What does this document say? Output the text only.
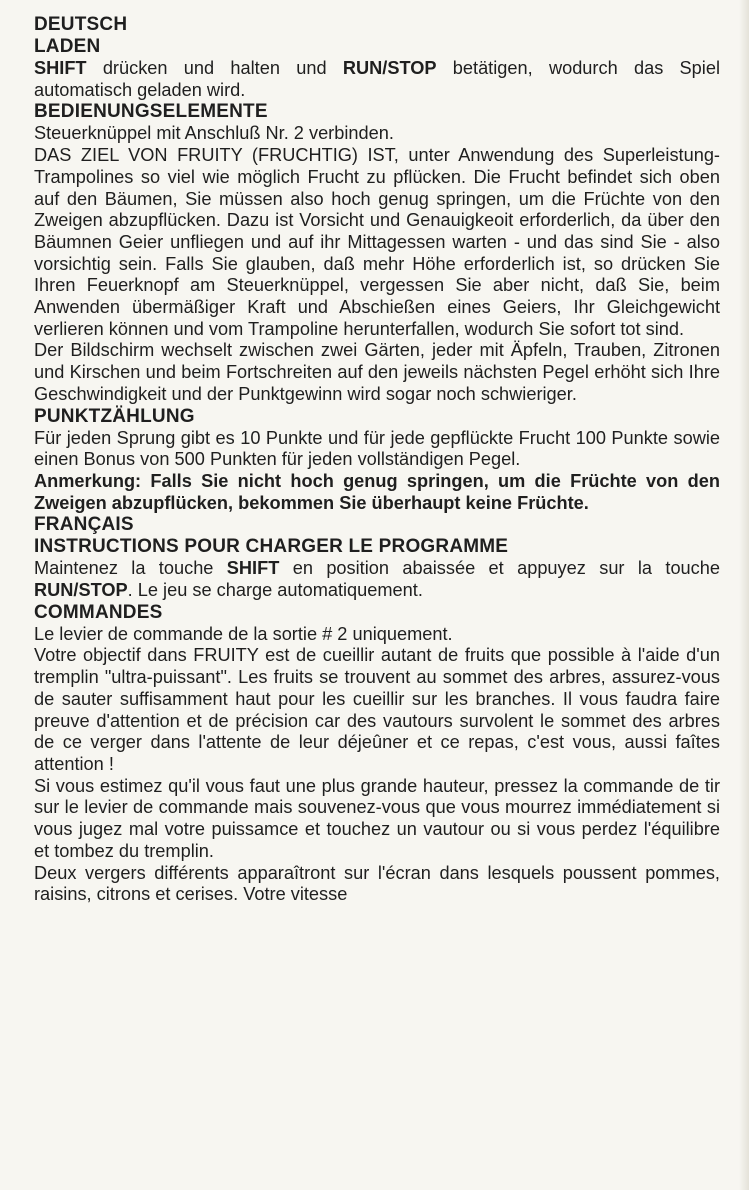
DEUTSCH

LADEN

SHIFT drücken und halten und RUN/STOP betätigen, wodurch das Spiel automatisch geladen wird.

BEDIENUNGSELEMENTE

Steuerknüppel mit Anschluß Nr. 2 verbinden.

DAS ZIEL VON FRUITY (FRUCHTIG) IST, unter Anwendung des Superleistung-Trampolines so viel wie möglich Frucht zu pflücken. Die Frucht befindet sich oben auf den Bäumen, Sie müssen also hoch genug springen, um die Früchte von den Zweigen abzupflücken. Dazu ist Vorsicht und Genauigkeoit erforderlich, da über den Bäumnen Geier unfliegen und auf ihr Mittagessen warten - und das sind Sie - also vorsichtig sein. Falls Sie glauben, daß mehr Höhe erforderlich ist, so drücken Sie Ihren Feuerknopf am Steuerknüppel, vergessen Sie aber nicht, daß Sie, beim Anwenden übermäßiger Kraft und Abschießen eines Geiers, Ihr Gleichgewicht verlieren können und vom Trampoline herunterfallen, wodurch Sie sofort tot sind.

Der Bildschirm wechselt zwischen zwei Gärten, jeder mit Äpfeln, Trauben, Zitronen und Kirschen und beim Fortschreiten auf den jeweils nächsten Pegel erhöht sich Ihre Geschwindigkeit und der Punktgewinn wird sogar noch schwieriger.

PUNKTZÄHLUNG

Für jeden Sprung gibt es 10 Punkte und für jede gepflückte Frucht 100 Punkte sowie einen Bonus von 500 Punkten für jeden vollständigen Pegel.

Anmerkung: Falls Sie nicht hoch genug springen, um die Früchte von den Zweigen abzupflücken, bekommen Sie überhaupt keine Früchte.

FRANÇAIS

INSTRUCTIONS POUR CHARGER LE PROGRAMME

Maintenez la touche SHIFT en position abaissée et appuyez sur la touche RUN/STOP. Le jeu se charge automatiquement.

COMMANDES

Le levier de commande de la sortie # 2 uniquement.

Votre objectif dans FRUITY est de cueillir autant de fruits que possible à l'aide d'un tremplin "ultra-puissant". Les fruits se trouvent au sommet des arbres, assurez-vous de sauter suffisamment haut pour les cueillir sur les branches. Il vous faudra faire preuve d'attention et de précision car des vautours survolent le sommet des arbres de ce verger dans l'attente de leur déjeûner et ce repas, c'est vous, aussi faîtes attention !

Si vous estimez qu'il vous faut une plus grande hauteur, pressez la commande de tir sur le levier de commande mais souvenez-vous que vous mourrez immédiatement si vous jugez mal votre puissamce et touchez un vautour ou si vous perdez l'équilibre et tombez du tremplin.

Deux vergers différents apparaîtront sur l'écran dans lesquels poussent pommes, raisins, citrons et cerises. Votre vitesse
